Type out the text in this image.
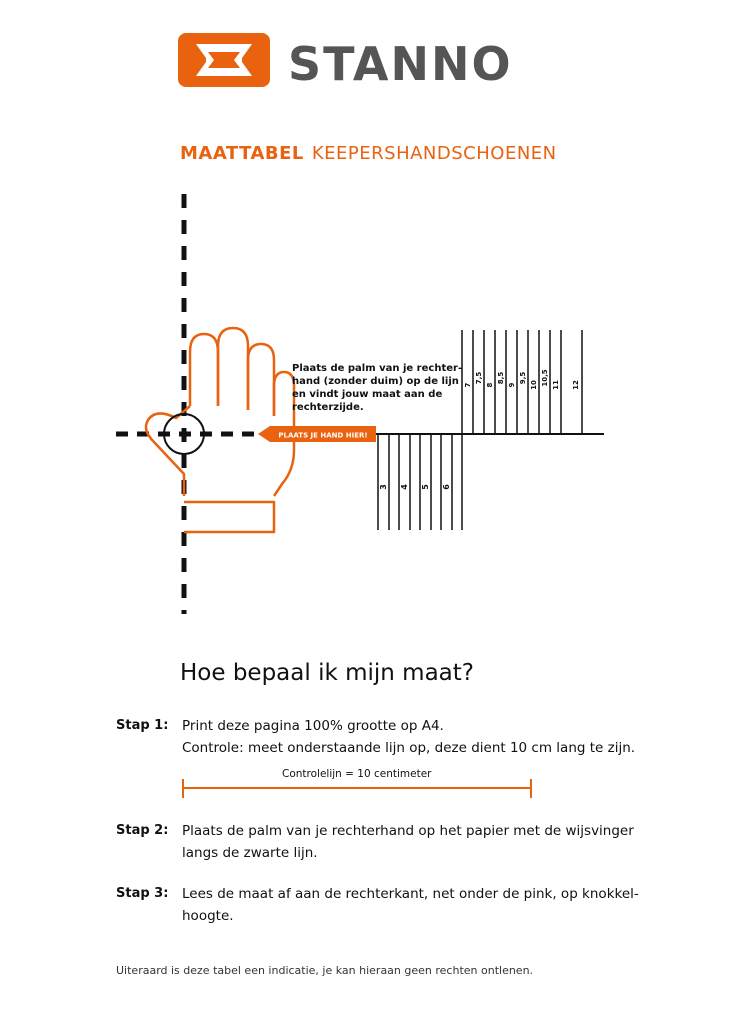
STANNO
MAATTABEL KEEPERSHANDSCHOENEN
Plaats de palm van je rechter- hand (zonder duim) op de lijn en vindt jouw maat aan de rechterzijde.
PLAATS JE HAND HIER!
3 4 5 6
7
7,5
8
8,5
9
9,5
10 10,5 11 12
Hoe bepaal ik mijn maat?
Stap 1: Print deze pagina 100% grootte op A4.
Controle: meet onderstaande lijn op, deze dient 10 cm lang te zijn.
Controlelijn = 10 centimeter
Stap 2: Plaats de palm van je rechterhand op het papier met de wijsvinger
langs de zwarte lijn.
Stap 3: Lees de maat af aan de rechterkant, net onder de pink, op knokkel-
hoogte.
Uiteraard is deze tabel een indicatie, je kan hieraan geen rechten ontlenen.
